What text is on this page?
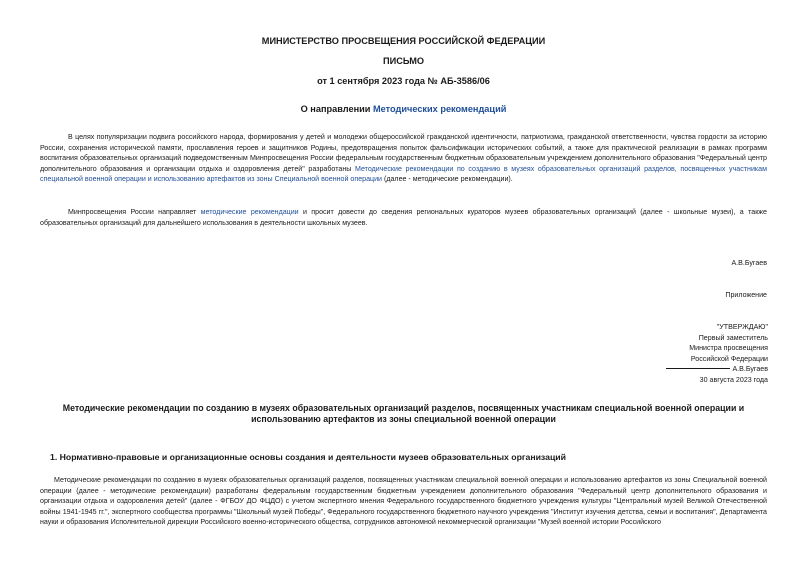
МИНИСТЕРСТВО ПРОСВЕЩЕНИЯ РОССИЙСКОЙ ФЕДЕРАЦИИ
ПИСЬМО
от 1 сентября 2023 года № АБ-3586/06
О направлении Методических рекомендаций
В целях популяризации подвига российского народа, формирования у детей и молодежи общероссийской гражданской идентичности, патриотизма, гражданской ответственности, чувства гордости за историю России, сохранения исторической памяти, прославления героев и защитников Родины, предотвращения попыток фальсификации исторических событий, а также для практической реализации в рамках программ воспитания образовательных организаций подведомственным Минпросвещения России федеральным государственным бюджетным образовательным учреждением дополнительного образования "Федеральный центр дополнительного образования и организации отдыха и оздоровления детей" разработаны Методические рекомендации по созданию в музеях образовательных организаций разделов, посвященных участникам специальной военной операции и использованию артефактов из зоны Специальной военной операции (далее - методические рекомендации).
Минпросвещения России направляет методические рекомендации и просит довести до сведения региональных кураторов музеев образовательных организаций (далее - школьные музеи), а также образовательных организаций для дальнейшего использования в деятельности школьных музеев.
А.В.Бугаев
Приложение
"УТВЕРЖДАЮ"
Первый заместитель
Министра просвещения
Российской Федерации
А.В.Бугаев
30 августа 2023 года
Методические рекомендации по созданию в музеях образовательных организаций разделов, посвященных участникам специальной военной операции и использованию артефактов из зоны специальной военной операции
1. Нормативно-правовые и организационные основы создания и деятельности музеев образовательных организаций
Методические рекомендации по созданию в музеях образовательных организаций разделов, посвященных участникам специальной военной операции и использованию артефактов из зоны Специальной военной операции (далее - методические рекомендации) разработаны федеральным государственным бюджетным учреждением дополнительного образования "Федеральный центр дополнительного образования и организации отдыха и оздоровления детей" (далее - ФГБОУ ДО ФЦДО) с учетом экспертного мнения Федерального государственного бюджетного учреждения культуры "Центральный музей Великой Отечественной войны 1941-1945 гг.", экспертного сообщества программы "Школьный музей Победы", Федерального государственного бюджетного научного учреждения "Институт изучения детства, семьи и воспитания", Департамента науки и образования Исполнительной дирекции Российского военно-исторического общества, сотрудников автономной некоммерческой организации "Музей военной истории Российского
